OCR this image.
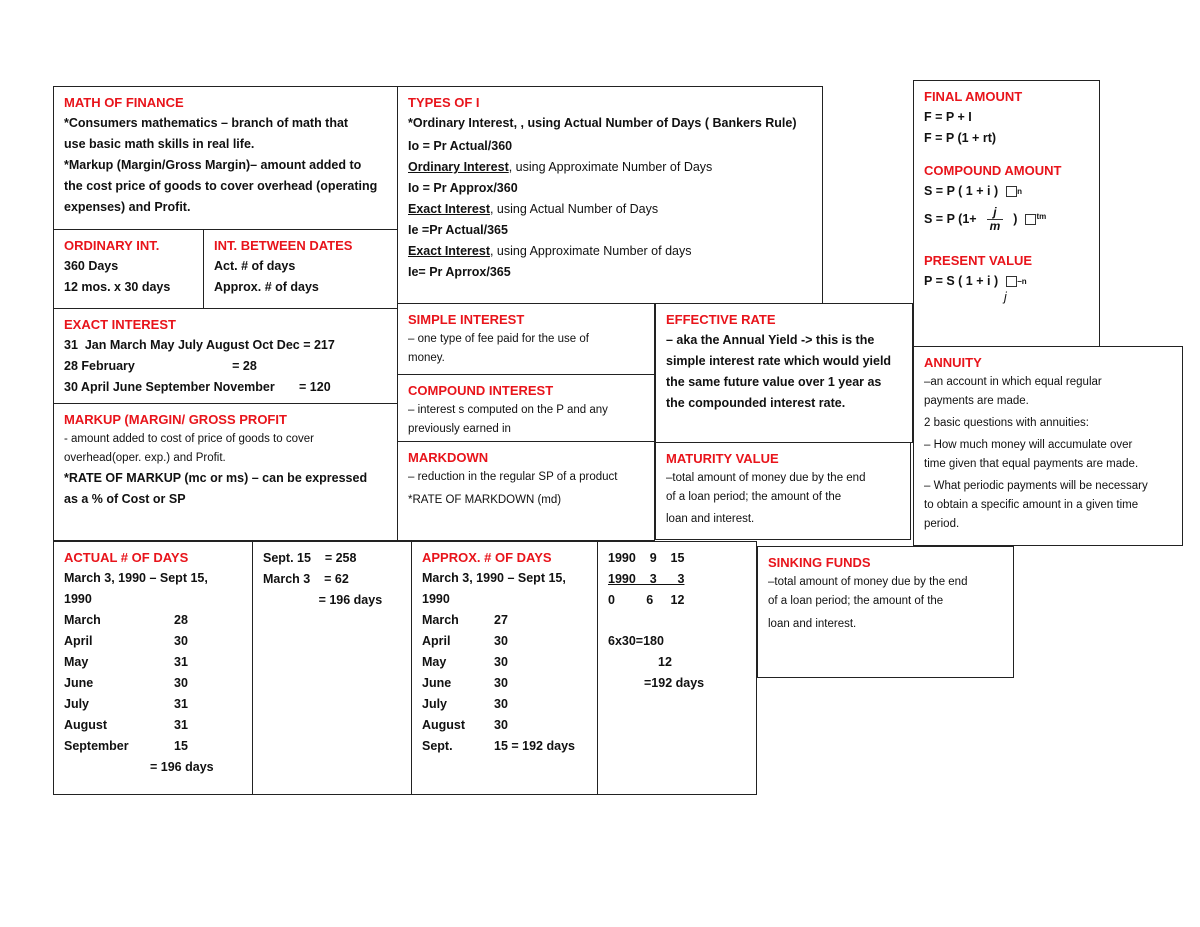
MATH OF FINANCE
*Consumers mathematics – branch of math that
use basic math skills in real life.
*Markup (Margin/Gross Margin)– amount added to
the cost price of goods to cover overhead (operating
expenses) and Profit.
ORDINARY INT.
360 Days
12 mos. x 30 days
INT. BETWEEN DATES
Act. # of days
Approx. # of days
EXACT INTEREST
31  Jan March May July August Oct Dec = 217
28 February                            = 28
30 April June September November       = 120
MARKUP (MARGIN/ GROSS PROFIT
- amount added to cost of price of goods to cover
overhead(oper. exp.) and Profit.
*RATE OF MARKUP (mc or ms) – can be expressed
as a % of Cost or SP
TYPES OF I
*Ordinary Interest, , using Actual Number of Days ( Bankers Rule)
Io = Pr Actual/360
Ordinary Interest, using Approximate Number of Days
Io = Pr Approx/360
Exact Interest, using Actual Number of Days
Ie =Pr Actual/365
Exact Interest, using Approximate Number of days
Ie= Pr Aprrox/365
SIMPLE INTEREST
– one type of fee paid for the use of
money.
COMPOUND INTEREST
– interest s computed on the P and any
previously earned in
MARKDOWN
– reduction in the regular SP of a product
*RATE OF MARKDOWN (md)
EFFECTIVE RATE
– aka the Annual Yield -> this is the
simple interest rate which would yield
the same future value over 1 year as
the compounded interest rate.
MATURITY VALUE
–total amount of money due by the end
of a loan period; the amount of the
loan and interest.
FINAL AMOUNT
F = P + I
F = P (1 + rt)
COMPOUND AMOUNT
S = P ( 1 + i ) $^n$
S = P ($1+ \frac{j}{m}$ ) $^{tm}$
PRESENT VALUE
P = S ( 1 + i ) $^{-n}$
j
ANNUITY
–an account in which equal regular
payments are made.
2 basic questions with annuities:
– How much money will accumulate over
time given that equal payments are made.
– What periodic payments will be necessary
to obtain a specific amount in a given time
period.
ACTUAL # OF DAYS
March 3, 1990 – Sept 15,
1990
March	28
April	30
May	31
June	30
July	31
August	31
September	15
= 196 days
Sept. 15    = 258
March 3    = 62
= 196 days
APPROX. # OF DAYS
March 3, 1990 – Sept 15,
1990
March	27
April	30
May	30
June	30
July	30
August	30
Sept.	15 = 192 days
1990    9    15
1990    3      3
0         6     12
6x30=180
12
=192 days
SINKING FUNDS
–total amount of money due by the end
of a loan period; the amount of the
loan and interest.
